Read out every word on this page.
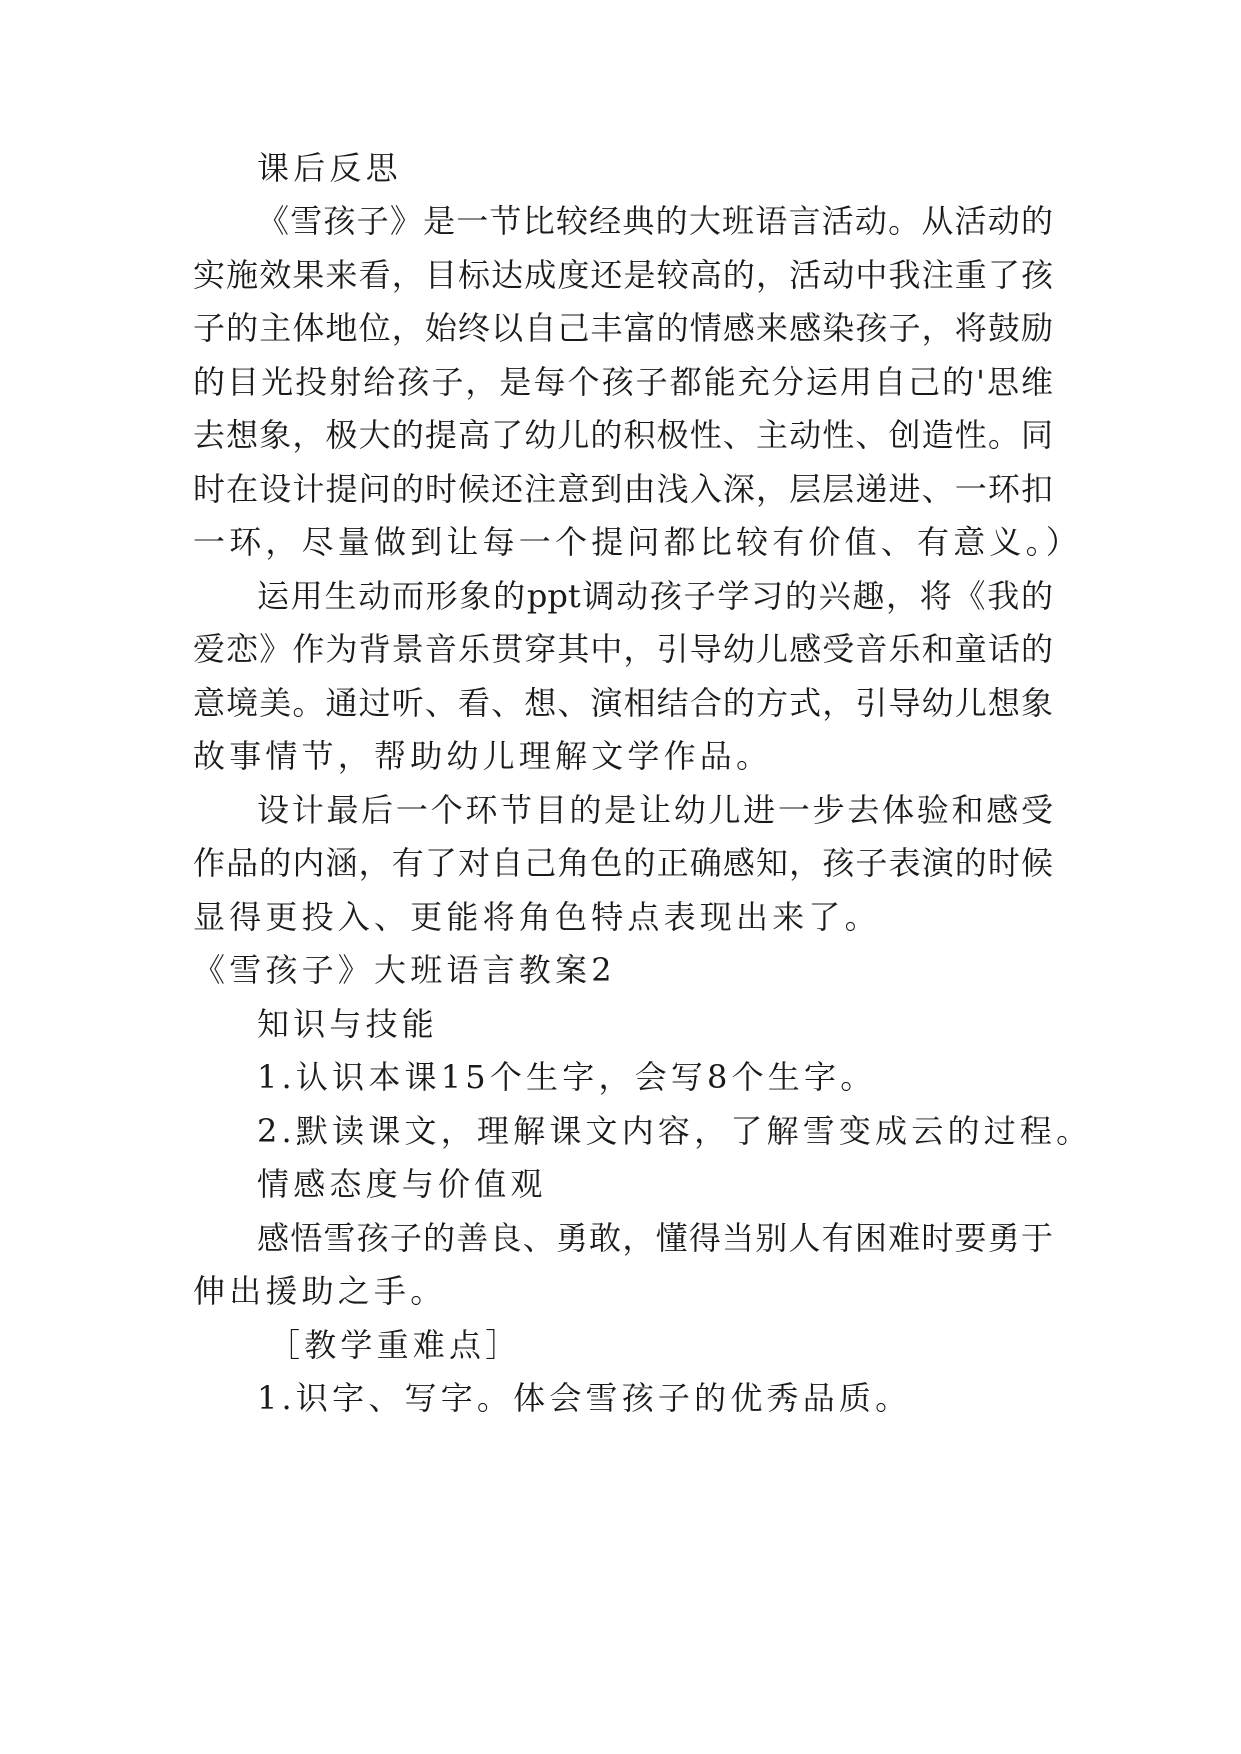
课后反思
《雪孩子》是一节比较经典的大班语言活动。从活动的
实施效果来看，目标达成度还是较高的，活动中我注重了孩
子的主体地位，始终以自己丰富的情感来感染孩子，将鼓励
的目光投射给孩子，是每个孩子都能充分运用自己的'思维
去想象，极大的提高了幼儿的积极性、主动性、创造性。同
时在设计提问的时候还注意到由浅入深，层层递进、一环扣
一环，尽量做到让每一个提问都比较有价值、有意义。）
运用生动而形象的ppt调动孩子学习的兴趣，将《我的
爱恋》作为背景音乐贯穿其中，引导幼儿感受音乐和童话的
意境美。通过听、看、想、演相结合的方式，引导幼儿想象
故事情节，帮助幼儿理解文学作品。
设计最后一个环节目的是让幼儿进一步去体验和感受
作品的内涵，有了对自己角色的正确感知，孩子表演的时候
显得更投入、更能将角色特点表现出来了。
《雪孩子》大班语言教案2
知识与技能
1.认识本课15个生字，会写8个生字。
2.默读课文，理解课文内容，了解雪变成云的过程。
情感态度与价值观
感悟雪孩子的善良、勇敢，懂得当别人有困难时要勇于
伸出援助之手。
［教学重难点］
1.识字、写字。体会雪孩子的优秀品质。
